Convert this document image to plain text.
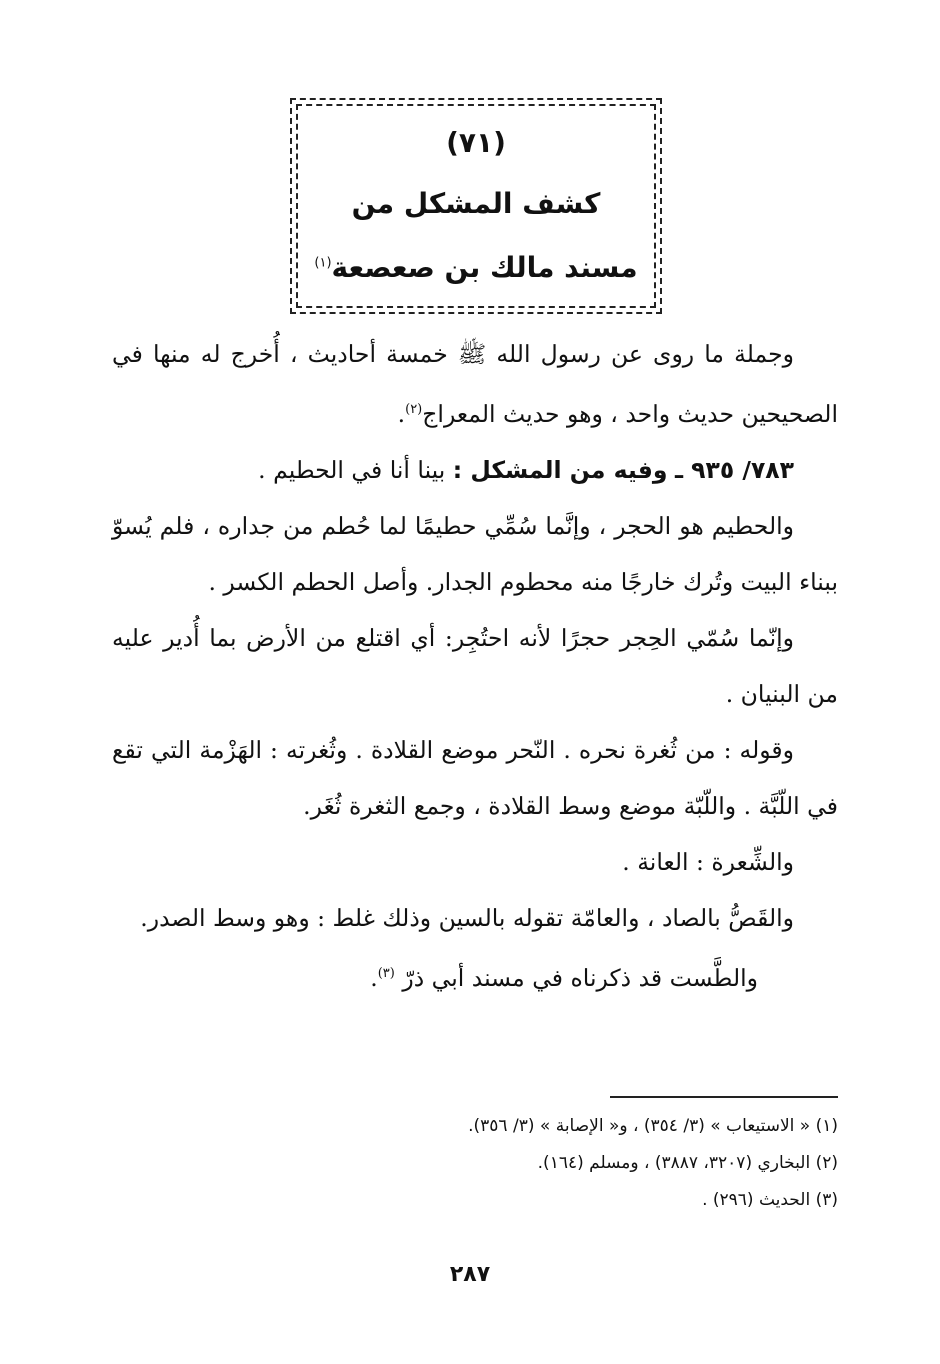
(٧١)
كشف المشكل من
مسند مالك بن صعصعة$^{(١)}$

وجملة ما روى عن رسول الله ﷺ خمسة أحاديث ، أُخرج له منها في الصحيحين حديث واحد ، وهو حديث المعراج$^{(٢)}$.

٧٨٣/ ٩٣٥ ـ وفيه من المشكل : بينا أنا في الحطيم .

والحطيم هو الحجر ، وإنَّما سُمِّي حطيمًا لما حُطم من جداره ، فلم يُسوّ ببناء البيت وتُرك خارجًا منه محطوم الجدار. وأصل الحطم الكسر .

وإنّما سُمّي الحِجر حجرًا لأنه احتُجِر: أي اقتلع من الأرض بما أُدير عليه من البنيان .

وقوله : من ثُغرة نحره . النّحر موضع القلادة . وثُغرته : الهَزْمة التي تقع في اللّبَّة . واللّبّة موضع وسط القلادة ، وجمع الثغرة ثُغَر.

والشِّعرة : العانة .

والقَصُّ بالصاد ، والعامّة تقوله بالسين وذلك غلط : وهو وسط الصدر.

والطَّست قد ذكرناه في مسند أبي ذرّ $^{(٣)}$.

(١) « الاستيعاب » (٣/ ٣٥٤) ، و« الإصابة » (٣/ ٣٥٦).

(٢) البخاري (٣٢٠٧، ٣٨٨٧) ، ومسلم (١٦٤).

(٣) الحديث (٢٩٦) .

٢٨٧
